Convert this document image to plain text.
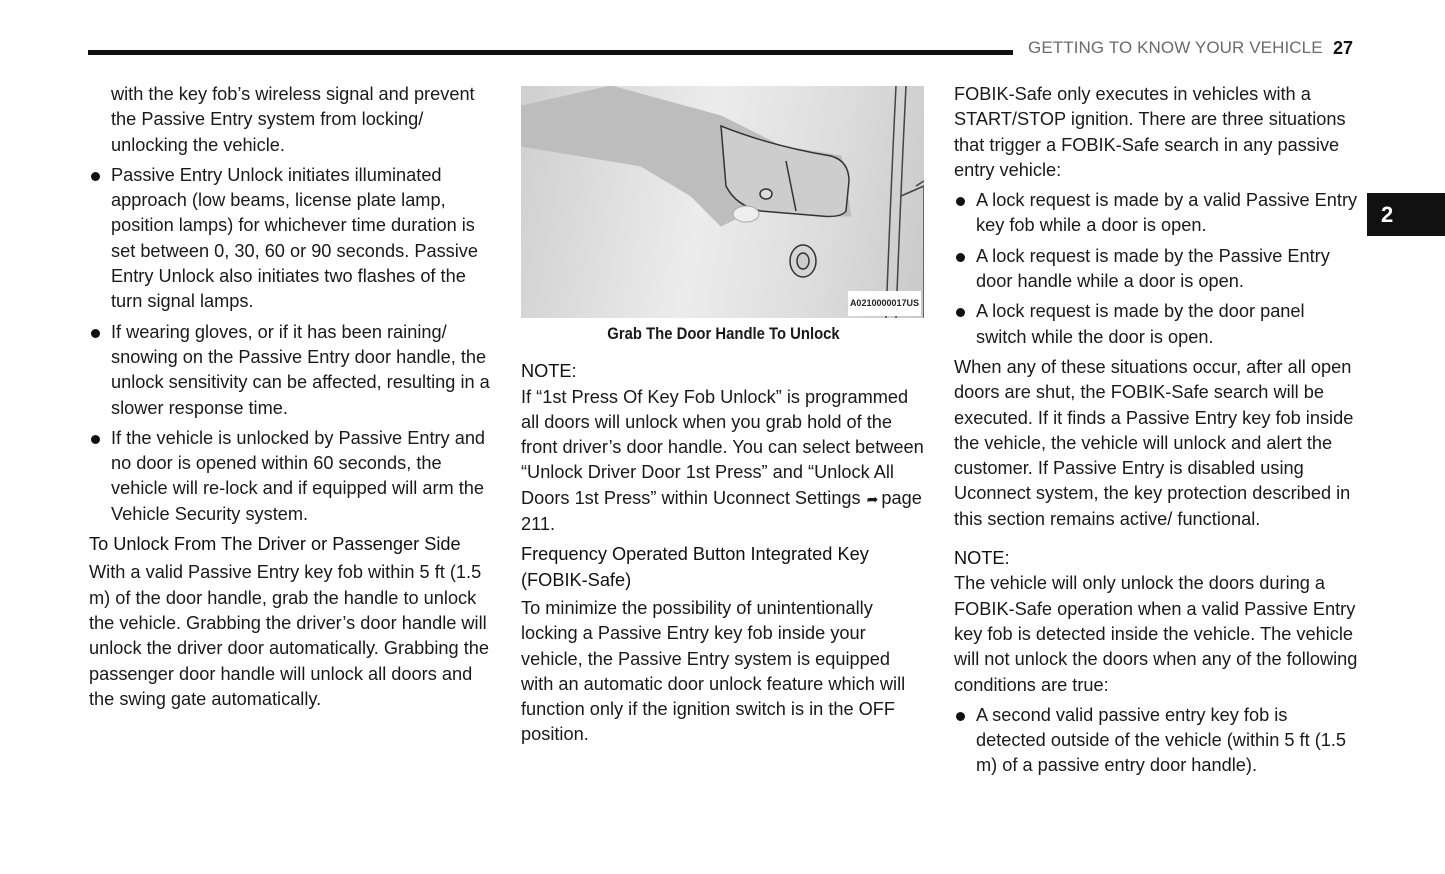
GETTING TO KNOW YOUR VEHICLE 27
2

with the key fob’s wireless signal and prevent the Passive Entry system from locking/ unlocking the vehicle.

Passive Entry Unlock initiates illuminated approach (low beams, license plate lamp, position lamps) for whichever time duration is set between 0, 30, 60 or 90 seconds. Passive Entry Unlock also initiates two flashes of the turn signal lamps.
If wearing gloves, or if it has been raining/ snowing on the Passive Entry door handle, the unlock sensitivity can be affected, resulting in a slower response time.
If the vehicle is unlocked by Passive Entry and no door is opened within 60 seconds, the vehicle will re-lock and if equipped will arm the Vehicle Security system.

To Unlock From The Driver or Passenger Side

With a valid Passive Entry key fob within 5 ft (1.5 m) of the door handle, grab the handle to unlock the vehicle. Grabbing the driver’s door handle will unlock the driver door automatically. Grabbing the passenger door handle will unlock all doors and the swing gate automatically.

A0210000017US
Grab The Door Handle To Unlock

NOTE:

If “1st Press Of Key Fob Unlock” is programmed all doors will unlock when you grab hold of the front driver’s door handle. You can select between “Unlock Driver Door 1st Press” and “Unlock All Doors 1st Press” within Uconnect Settings ➦ page 211.

Frequency Operated Button Integrated Key (FOBIK-Safe)

To minimize the possibility of unintentionally locking a Passive Entry key fob inside your vehicle, the Passive Entry system is equipped with an automatic door unlock feature which will function only if the ignition switch is in the OFF position.

FOBIK-Safe only executes in vehicles with a START/STOP ignition. There are three situations that trigger a FOBIK-Safe search in any passive entry vehicle:

A lock request is made by a valid Passive Entry key fob while a door is open.
A lock request is made by the Passive Entry door handle while a door is open.
A lock request is made by the door panel switch while the door is open.

When any of these situations occur, after all open doors are shut, the FOBIK-Safe search will be executed. If it finds a Passive Entry key fob inside the vehicle, the vehicle will unlock and alert the customer. If Passive Entry is disabled using Uconnect system, the key protection described in this section remains active/ functional.

NOTE:

The vehicle will only unlock the doors during a FOBIK-Safe operation when a valid Passive Entry key fob is detected inside the vehicle. The vehicle will not unlock the doors when any of the following conditions are true:

A second valid passive entry key fob is detected outside of the vehicle (within 5 ft (1.5 m) of a passive entry door handle).
